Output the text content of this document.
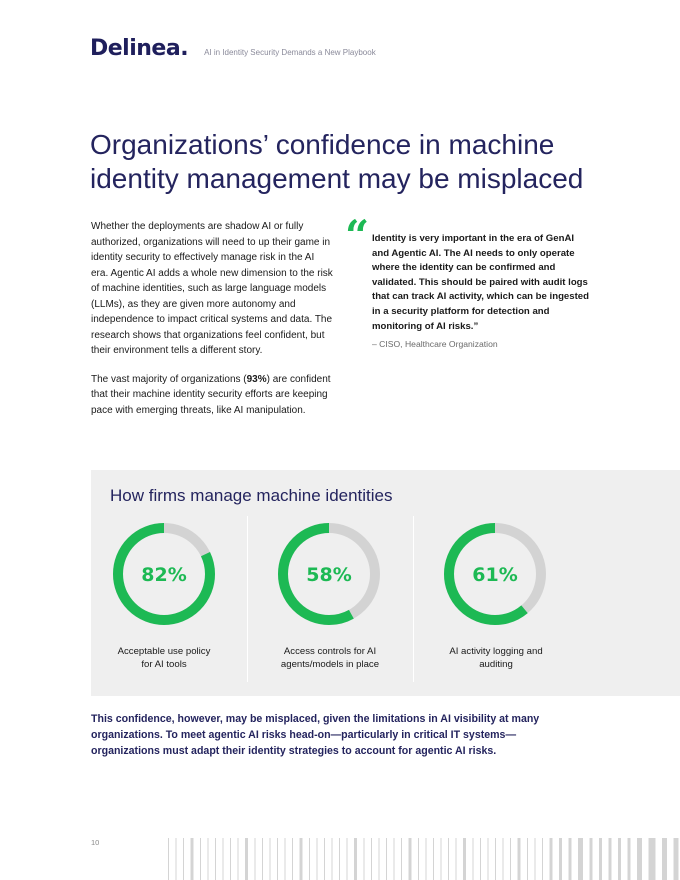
Delinea. AI in Identity Security Demands a New Playbook
Organizations’ confidence in machine identity management may be misplaced

Whether the deployments are shadow AI or fully authorized, organizations will need to up their game in identity security to effectively manage risk in the AI era. Agentic AI adds a whole new dimension to the risk of machine identities, such as large language models (LLMs), as they are given more autonomy and independence to impact critical systems and data. The research shows that organizations feel confident, but their environment tells a different story.

The vast majority of organizations (93%) are confident that their machine identity security efforts are keeping pace with emerging threats, like AI manipulation.

“ Identity is very important in the era of GenAI and Agentic AI. The AI needs to only operate where the identity can be confirmed and validated. This should be paired with audit logs that can track AI activity, which can be ingested in a security platform for detection and monitoring of AI risks.”
– CISO, Healthcare Organization
How firms manage machine identities
82%
Acceptable use policy
for AI tools
58%
Access controls for AI
agents/models in place
61%
AI activity logging and
auditing
This confidence, however, may be misplaced, given the limitations in AI visibility at many organizations. To meet agentic AI risks head-on—particularly in critical IT systems—organizations must adapt their identity strategies to account for agentic AI risks.
10
